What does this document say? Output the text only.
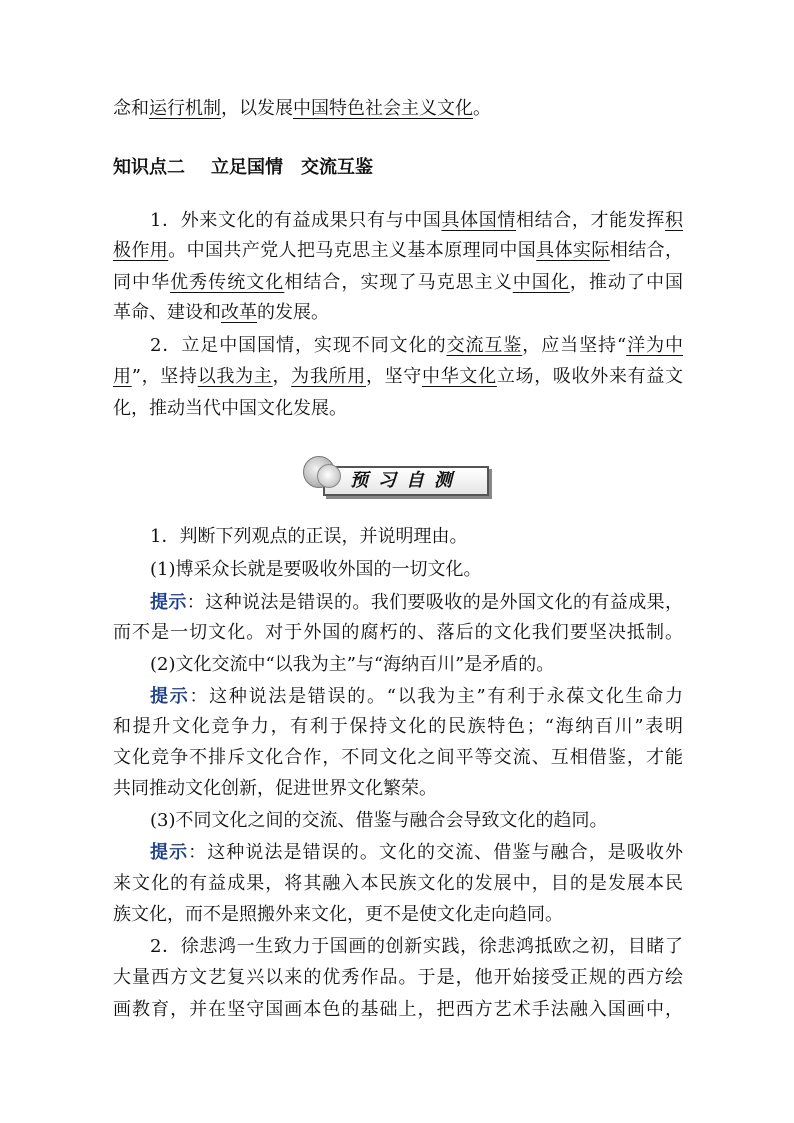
念和运行机制，以发展中国特色社会主义文化。
知识点二 立足国情　交流互鉴
1．外来文化的有益成果只有与中国具体国情相结合，才能发挥积
极作用。中国共产党人把马克思主义基本原理同中国具体实际相结合，
同中华优秀传统文化相结合，实现了马克思主义中国化，推动了中国
革命、建设和改革的发展。
2．立足中国国情，实现不同文化的交流互鉴，应当坚持“洋为中
用”，坚持以我为主，为我所用，坚守中华文化立场，吸收外来有益文
化，推动当代中国文化发展。
预习自测
1．判断下列观点的正误，并说明理由。
(1)博采众长就是要吸收外国的一切文化。
提示：这种说法是错误的。我们要吸收的是外国文化的有益成果，
而不是一切文化。对于外国的腐朽的、落后的文化我们要坚决抵制。
(2)文化交流中“以我为主”与“海纳百川”是矛盾的。
提示：这种说法是错误的。“以我为主”有利于永葆文化生命力
和提升文化竞争力，有利于保持文化的民族特色；“海纳百川”表明
文化竞争不排斥文化合作，不同文化之间平等交流、互相借鉴，才能
共同推动文化创新，促进世界文化繁荣。
(3)不同文化之间的交流、借鉴与融合会导致文化的趋同。
提示：这种说法是错误的。文化的交流、借鉴与融合，是吸收外
来文化的有益成果，将其融入本民族文化的发展中，目的是发展本民
族文化，而不是照搬外来文化，更不是使文化走向趋同。
2．徐悲鸿一生致力于国画的创新实践，徐悲鸿抵欧之初，目睹了
大量西方文艺复兴以来的优秀作品。于是，他开始接受正规的西方绘
画教育，并在坚守国画本色的基础上，把西方艺术手法融入国画中，
